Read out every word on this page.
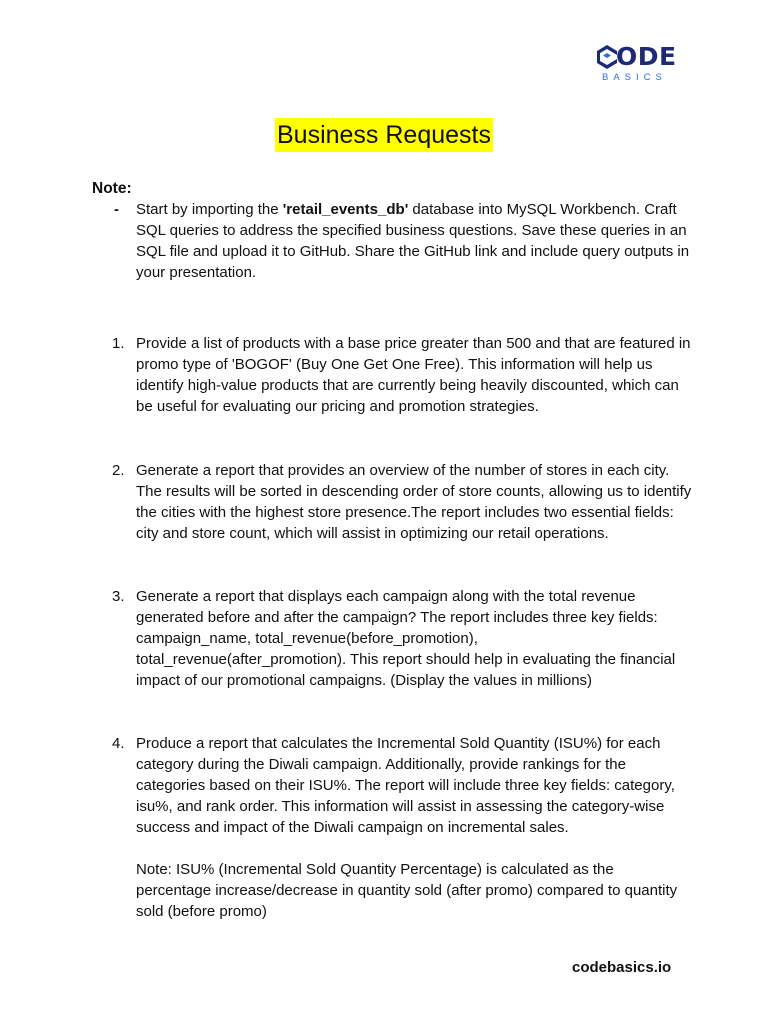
ODE
BASICS
Business Requests

Note:

- Start by importing the 'retail_events_db' database into MySQL Workbench. Craft SQL queries to address the specified business questions. Save these queries in an SQL file and upload it to GitHub. Share the GitHub link and include query outputs in your presentation.
1. Provide a list of products with a base price greater than 500 and that are featured in promo type of 'BOGOF' (Buy One Get One Free). This information will help us identify high-value products that are currently being heavily discounted, which can be useful for evaluating our pricing and promotion strategies.

2. Generate a report that provides an overview of the number of stores in each city. The results will be sorted in descending order of store counts, allowing us to identify the cities with the highest store presence.The report includes two essential fields: city and store count, which will assist in optimizing our retail operations.

3. Generate a report that displays each campaign along with the total revenue generated before and after the campaign? The report includes three key fields: campaign_name, total_revenue(before_promotion), total_revenue(after_promotion). This report should help in evaluating the financial impact of our promotional campaigns. (Display the values in millions)

4. Produce a report that calculates the Incremental Sold Quantity (ISU%) for each category during the Diwali campaign. Additionally, provide rankings for the categories based on their ISU%. The report will include three key fields: category, isu%, and rank order. This information will assist in assessing the category-wise success and impact of the Diwali campaign on incremental sales.

Note: ISU% (Incremental Sold Quantity Percentage) is calculated as the percentage increase/decrease in quantity sold (after promo) compared to quantity sold (before promo)

codebasics.io
